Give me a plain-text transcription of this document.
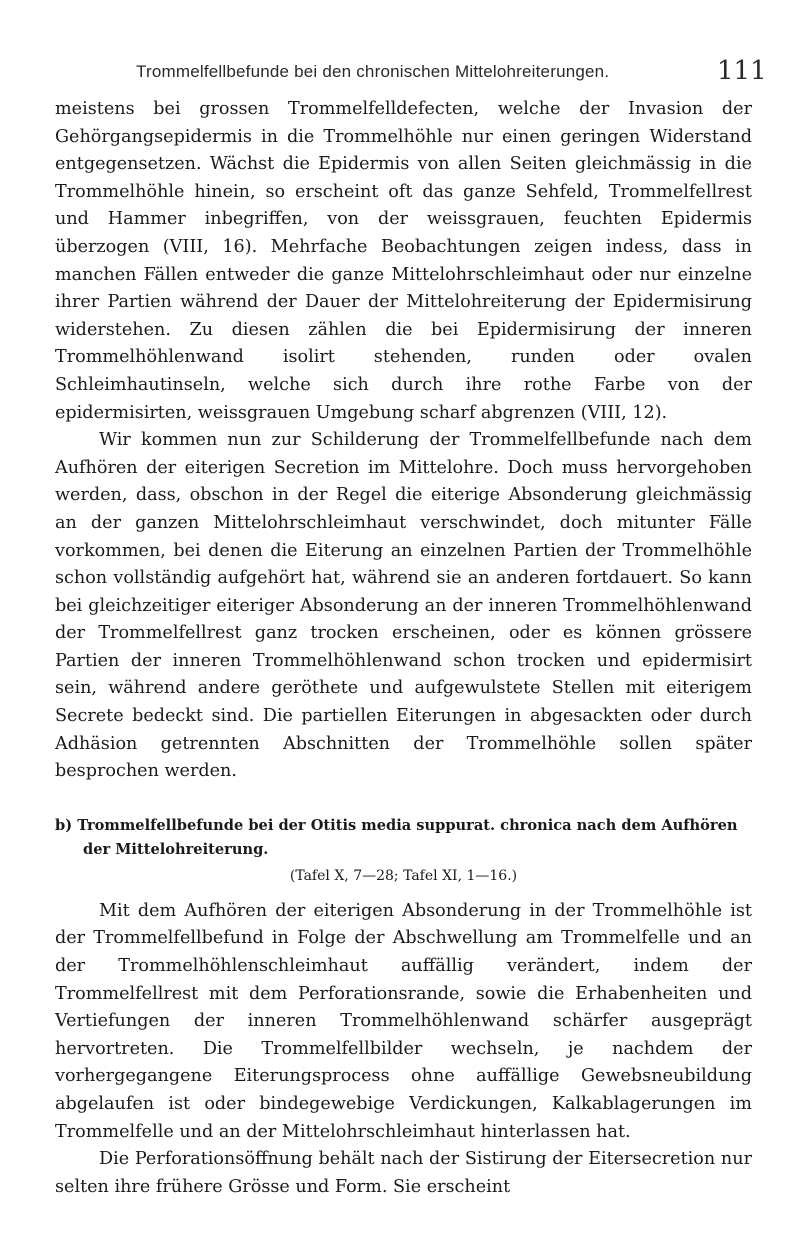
Trommelfellbefunde bei den chronischen Mittelohreiterungen.	111

meistens bei grossen Trommelfelldefecten, welche der Invasion der Gehörgangsepidermis in die Trommelhöhle nur einen geringen Widerstand entgegensetzen. Wächst die Epidermis von allen Seiten gleichmässig in die Trommelhöhle hinein, so erscheint oft das ganze Sehfeld, Trommelfellrest und Hammer inbegriffen, von der weissgrauen, feuchten Epidermis überzogen (VIII, 16). Mehrfache Beobachtungen zeigen indess, dass in manchen Fällen entweder die ganze Mittelohrschleimhaut oder nur einzelne ihrer Partien während der Dauer der Mittelohreiterung der Epidermisirung widerstehen. Zu diesen zählen die bei Epidermisirung der inneren Trommelhöhlenwand isolirt stehenden, runden oder ovalen Schleimhautinseln, welche sich durch ihre rothe Farbe von der epidermisirten, weissgrauen Umgebung scharf abgrenzen (VIII, 12).

Wir kommen nun zur Schilderung der Trommelfellbefunde nach dem Aufhören der eiterigen Secretion im Mittelohre. Doch muss hervorgehoben werden, dass, obschon in der Regel die eiterige Absonderung gleichmässig an der ganzen Mittelohrschleimhaut verschwindet, doch mitunter Fälle vorkommen, bei denen die Eiterung an einzelnen Partien der Trommelhöhle schon vollständig aufgehört hat, während sie an anderen fortdauert. So kann bei gleichzeitiger eiteriger Absonderung an der inneren Trommelhöhlenwand der Trommelfellrest ganz trocken erscheinen, oder es können grössere Partien der inneren Trommelhöhlenwand schon trocken und epidermisirt sein, während andere geröthete und aufgewulstete Stellen mit eiterigem Secrete bedeckt sind. Die partiellen Eiterungen in abgesackten oder durch Adhäsion getrennten Abschnitten der Trommelhöhle sollen später besprochen werden.

b) Trommelfellbefunde bei der Otitis media suppurat. chronica nach dem Aufhören der Mittelohreiterung.
(Tafel X, 7—28; Tafel XI, 1—16.)

Mit dem Aufhören der eiterigen Absonderung in der Trommelhöhle ist der Trommelfellbefund in Folge der Abschwellung am Trommelfelle und an der Trommelhöhlenschleimhaut auffällig verändert, indem der Trommelfellrest mit dem Perforationsrande, sowie die Erhabenheiten und Vertiefungen der inneren Trommelhöhlenwand schärfer ausgeprägt hervortreten. Die Trommelfellbilder wechseln, je nachdem der vorhergegangene Eiterungsprocess ohne auffällige Gewebsneubildung abgelaufen ist oder bindegewebige Verdickungen, Kalkablagerungen im Trommelfelle und an der Mittelohrschleimhaut hinterlassen hat.

Die Perforationsöffnung behält nach der Sistirung der Eitersecretion nur selten ihre frühere Grösse und Form. Sie erscheint
